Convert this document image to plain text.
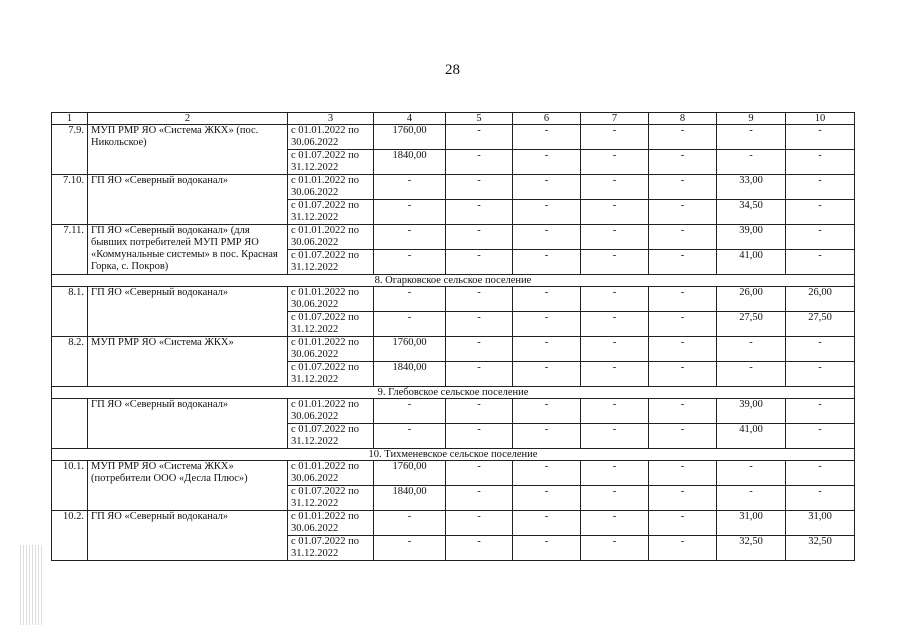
28
1	2	3	4	5	6	7	8	9	10
7.9.	МУП РМР ЯО «Система ЖКХ» (пос. Никольское)	с 01.01.2022 по 30.06.2022	1760,00	-	-	-	-	-	-
		с 01.07.2022 по 31.12.2022	1840,00	-	-	-	-	-	-
7.10.	ГП ЯО «Северный водоканал»	с 01.01.2022 по 30.06.2022	-	-	-	-	-	33,00	-
		с 01.07.2022 по 31.12.2022	-	-	-	-	-	34,50	-
7.11.	ГП ЯО «Северный водоканал» (для бывших потребителей МУП РМР ЯО «Коммунальные системы» в пос. Красная Горка, с. Покров)	с 01.01.2022 по 30.06.2022	-	-	-	-	-	39,00	-
		с 01.07.2022 по 31.12.2022	-	-	-	-	-	41,00	-
8. Огарковское сельское поселение									
8.1.	ГП ЯО «Северный водоканал»	с 01.01.2022 по 30.06.2022	-	-	-	-	-	26,00	26,00
		с 01.07.2022 по 31.12.2022	-	-	-	-	-	27,50	27,50
8.2.	МУП РМР ЯО «Система ЖКХ»	с 01.01.2022 по 30.06.2022	1760,00	-	-	-	-	-	-
		с 01.07.2022 по 31.12.2022	1840,00	-	-	-	-	-	-
9. Глебовское сельское поселение									
	ГП ЯО «Северный водоканал»	с 01.01.2022 по 30.06.2022	-	-	-	-	-	39,00	-
		с 01.07.2022 по 31.12.2022	-	-	-	-	-	41,00	-
10. Тихменевское сельское поселение									
10.1.	МУП РМР ЯО «Система ЖКХ» (потребители ООО «Десла Плюс»)	с 01.01.2022 по 30.06.2022	1760,00	-	-	-	-	-	-
		с 01.07.2022 по 31.12.2022	1840,00	-	-	-	-	-	-
10.2.	ГП ЯО «Северный водоканал»	с 01.01.2022 по 30.06.2022	-	-	-	-	-	31,00	31,00
		с 01.07.2022 по 31.12.2022	-	-	-	-	-	32,50	32,50
